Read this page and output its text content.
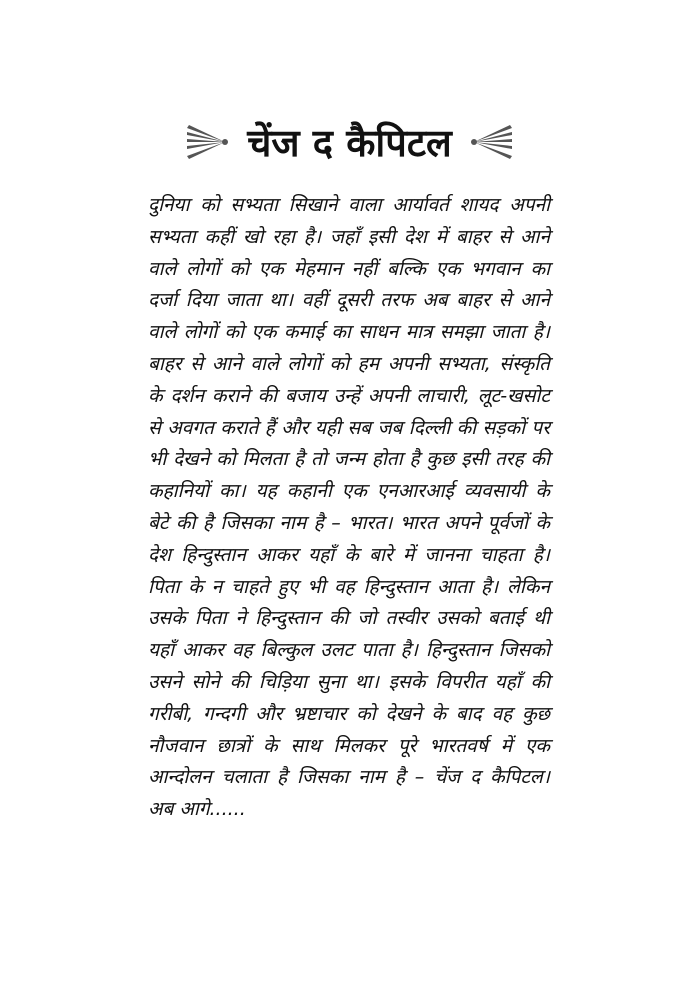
चेंज द कैपिटल
दुनिया को सभ्यता सिखाने वाला आर्यावर्त शायद अपनी
सभ्यता कहीं खो रहा है। जहाँ इसी देश में बाहर से आने
वाले लोगों को एक मेहमान नहीं बल्कि एक भगवान का
दर्जा दिया जाता था। वहीं दूसरी तरफ अब बाहर से आने
वाले लोगों को एक कमाई का साधन मात्र समझा जाता है।
बाहर से आने वाले लोगों को हम अपनी सभ्यता, संस्कृति
के दर्शन कराने की बजाय उन्हें अपनी लाचारी, लूट-खसोट
से अवगत कराते हैं और यही सब जब दिल्ली की सड़कों पर
भी देखने को मिलता है तो जन्म होता है कुछ इसी तरह की
कहानियों का। यह कहानी एक एनआरआई व्यवसायी के
बेटे की है जिसका नाम है – भारत। भारत अपने पूर्वजों के
देश हिन्दुस्तान आकर यहाँ के बारे में जानना चाहता है।
पिता के न चाहते हुए भी वह हिन्दुस्तान आता है। लेकिन
उसके पिता ने हिन्दुस्तान की जो तस्वीर उसको बताई थी
यहाँ आकर वह बिल्कुल उलट पाता है। हिन्दुस्तान जिसको
उसने सोने की चिड़िया सुना था। इसके विपरीत यहाँ की
गरीबी, गन्दगी और भ्रष्टाचार को देखने के बाद वह कुछ
नौजवान छात्रों के साथ मिलकर पूरे भारतवर्ष में एक
आन्दोलन चलाता है जिसका नाम है – चेंज द कैपिटल।
अब आगे......
